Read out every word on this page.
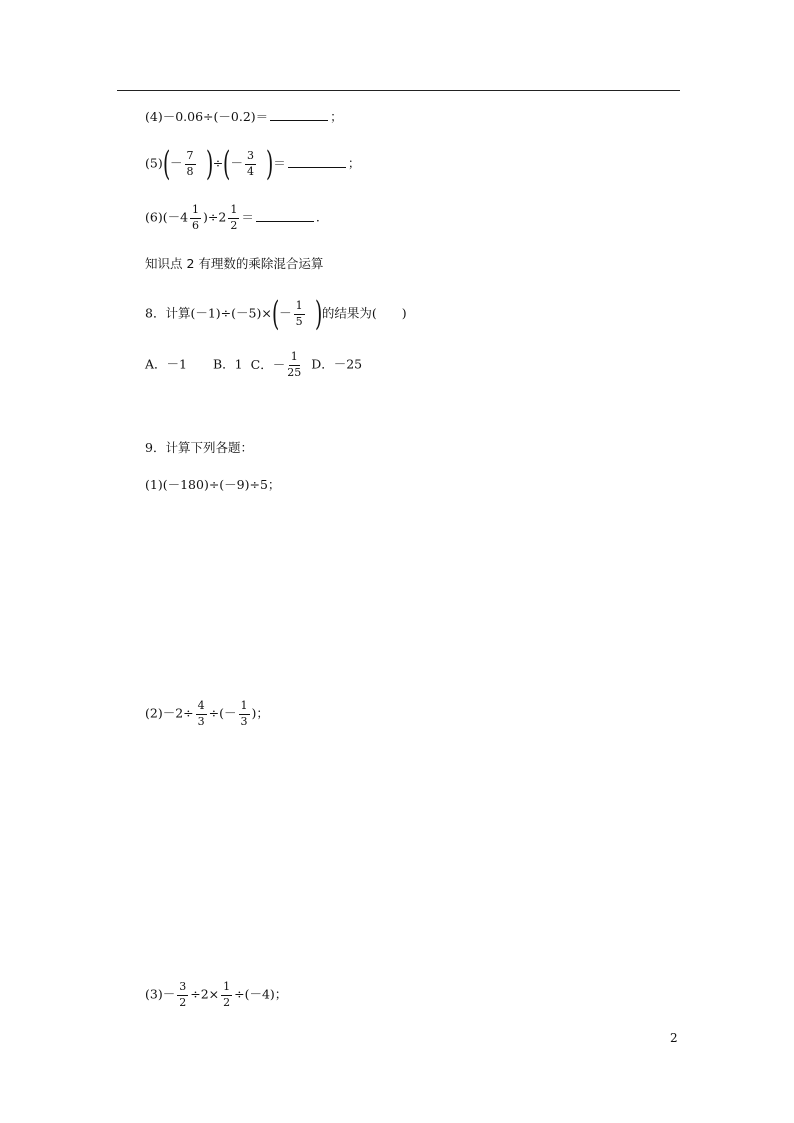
(4)－0.06÷(－0.2)＝	；
$(5)(- \frac{7}{8}$ )÷(－ $\frac{3}{4}$ )＝	；
$(6)(-4 \frac{1}{6} )\div 2 \frac{1}{2}$ ＝	.
知识点 2 有理数的乘除混合运算
8．计算$(-1)\div(-5)\times(- \frac{1}{5}$ )的结果为(　　)
A．－1 B．1 C．－ $\frac{1}{25}$ D．－25
9．计算下列各题：
(1)(－180)÷(－9)÷5；
$(2)-2\div \frac{4}{3}$ ÷(－ $\frac{1}{3}$ )；
$(3)- \frac{3}{2} \div 2\times \frac{1}{2} \div(-4)$；
2
